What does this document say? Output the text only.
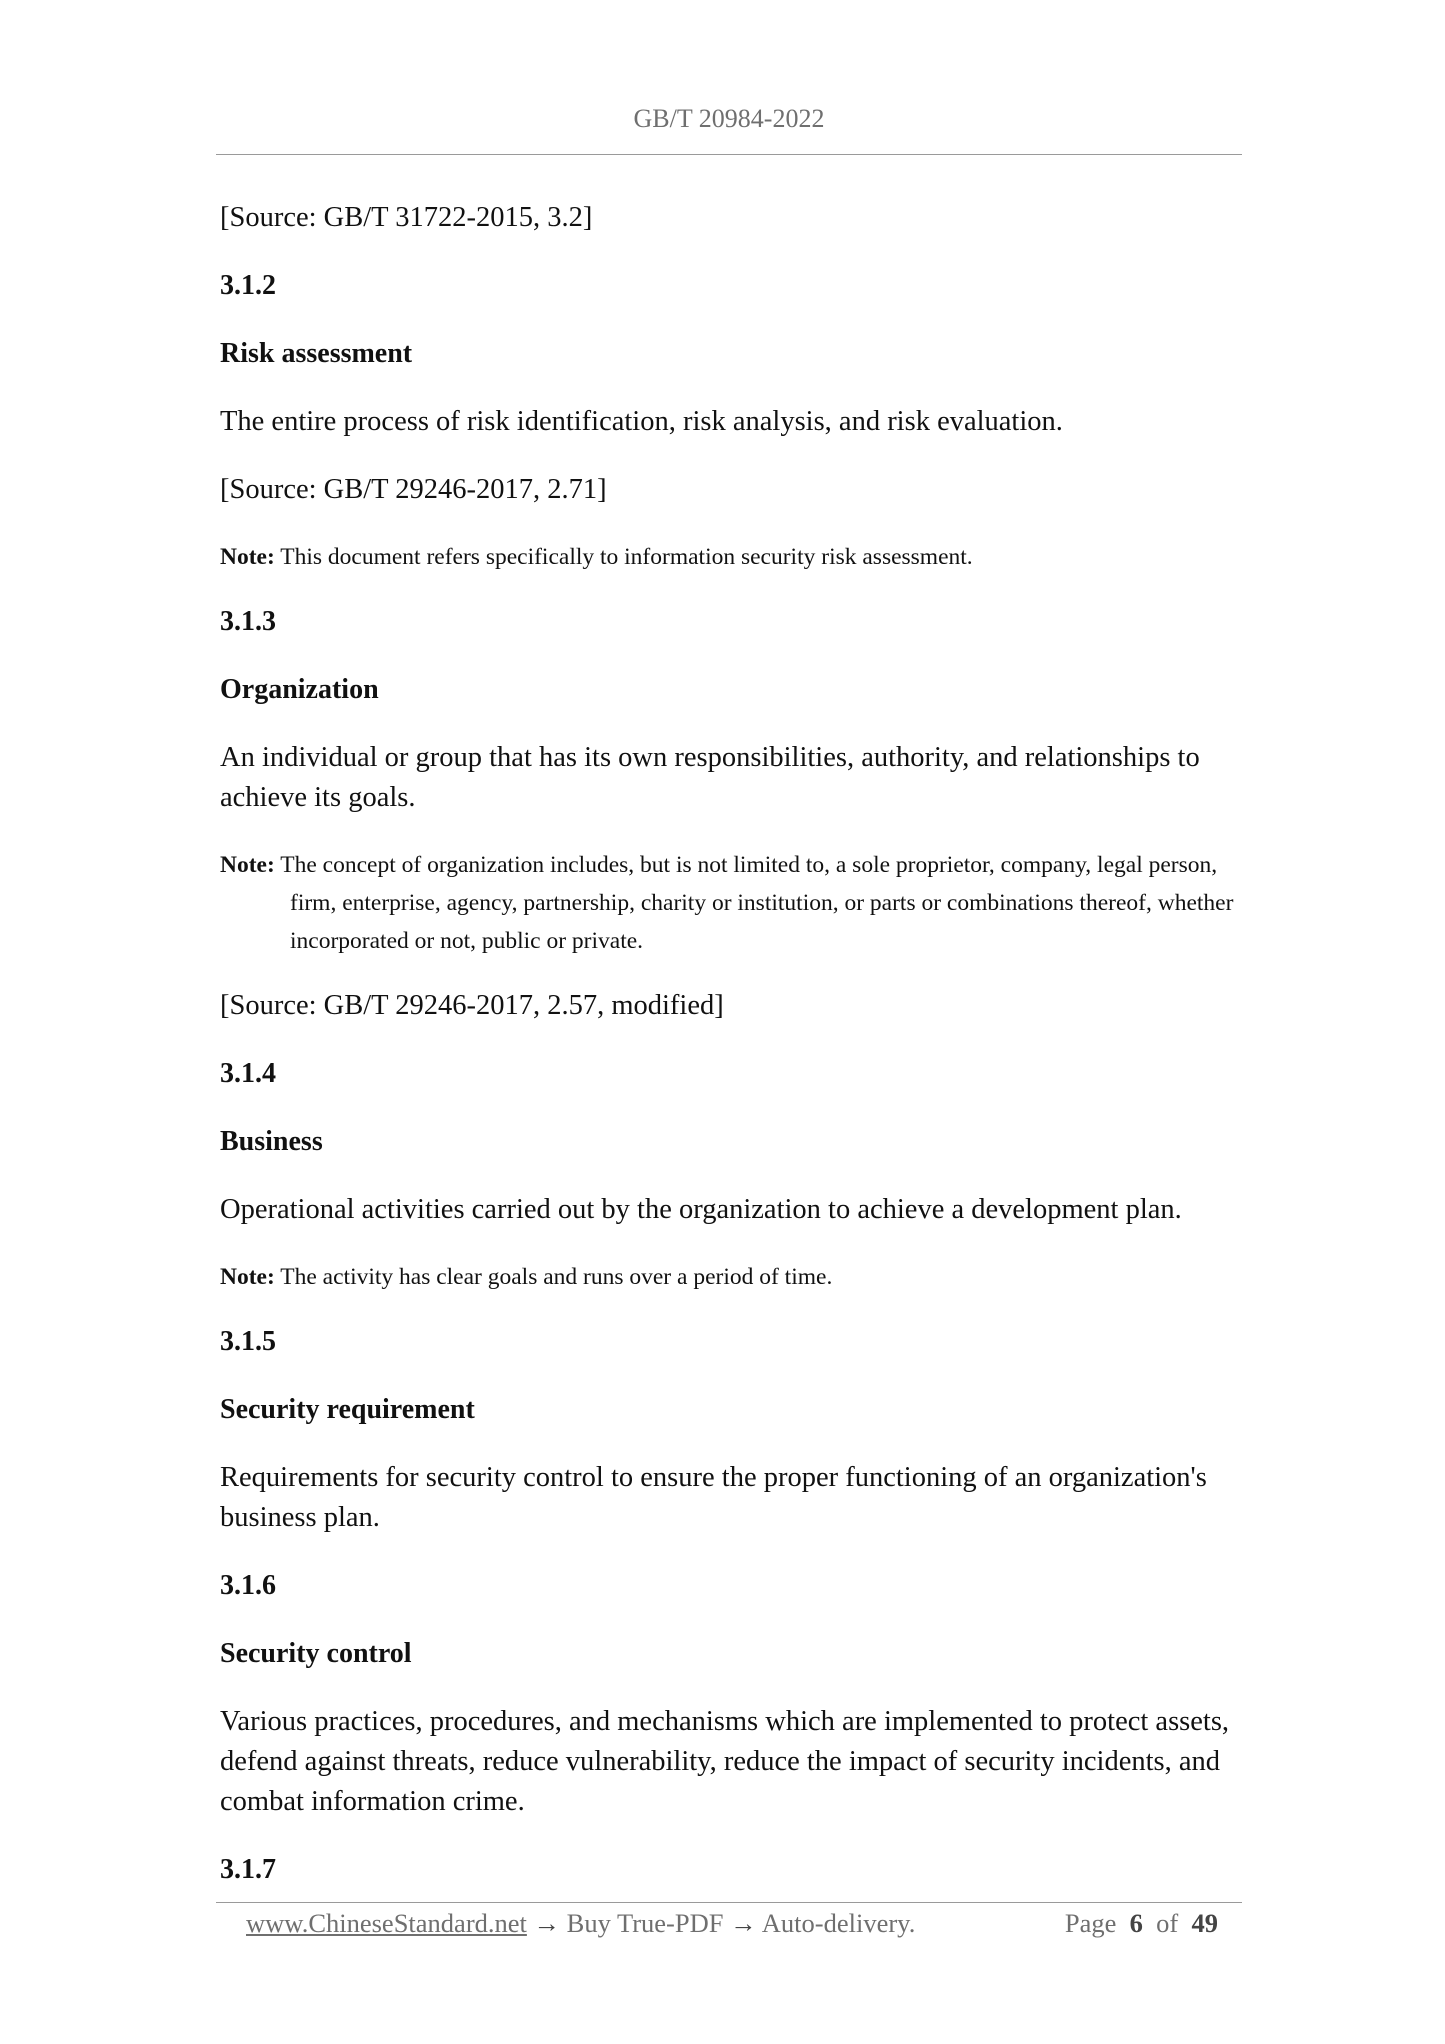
GB/T 20984-2022

[Source: GB/T 31722-2015, 3.2]

3.1.2

Risk assessment

The entire process of risk identification, risk analysis, and risk evaluation.

[Source: GB/T 29246-2017, 2.71]

Note: This document refers specifically to information security risk assessment.

3.1.3

Organization

An individual or group that has its own responsibilities, authority, and relationships to achieve its goals.

Note: The concept of organization includes, but is not limited to, a sole proprietor, company, legal person, firm, enterprise, agency, partnership, charity or institution, or parts or combinations thereof, whether incorporated or not, public or private.

[Source: GB/T 29246-2017, 2.57, modified]

3.1.4

Business

Operational activities carried out by the organization to achieve a development plan.

Note: The activity has clear goals and runs over a period of time.

3.1.5

Security requirement

Requirements for security control to ensure the proper functioning of an organization's business plan.

3.1.6

Security control

Various practices, procedures, and mechanisms which are implemented to protect assets, defend against threats, reduce vulnerability, reduce the impact of security incidents, and combat information crime.

3.1.7

www.ChineseStandard.net → Buy True-PDF → Auto-delivery.	Page 6 of 49
